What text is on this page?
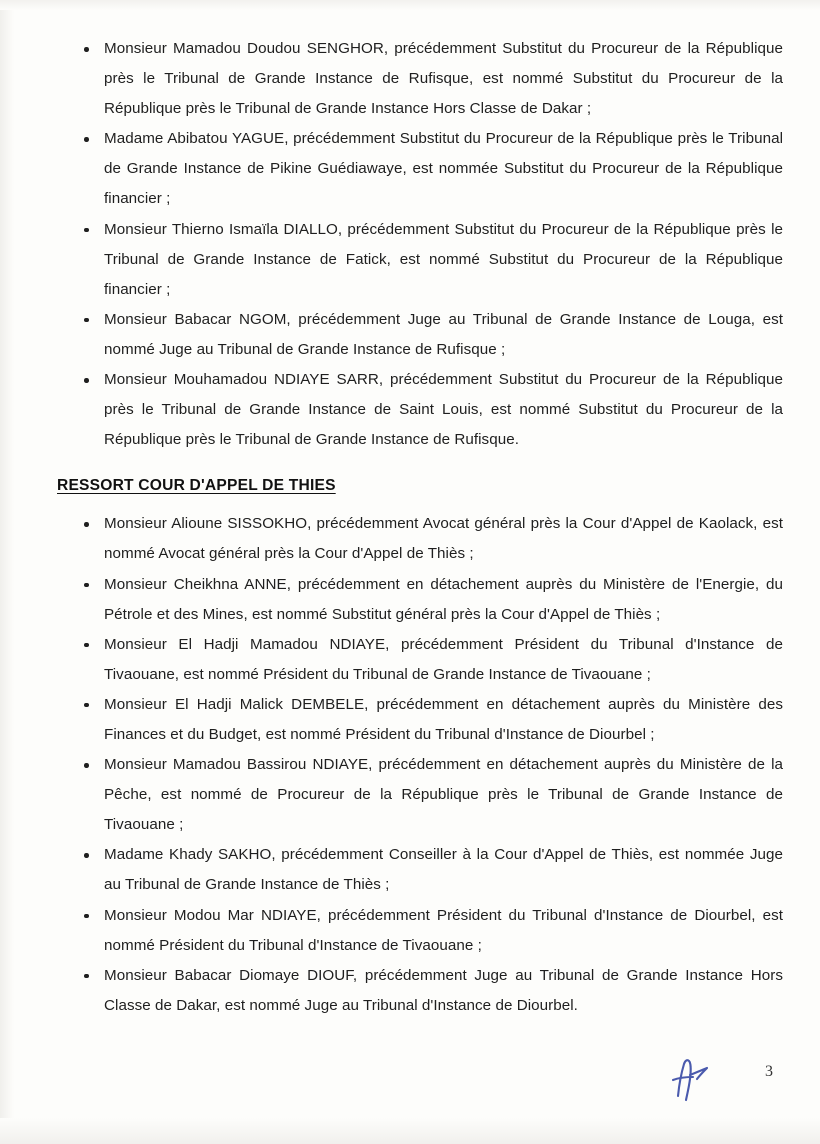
Monsieur Mamadou Doudou SENGHOR, précédemment Substitut du Procureur de la République près le Tribunal de Grande Instance de Rufisque, est nommé Substitut du Procureur de la République près le Tribunal de Grande Instance Hors Classe de Dakar ;
Madame Abibatou YAGUE, précédemment Substitut du Procureur de la République près le Tribunal de Grande Instance de Pikine Guédiawaye, est nommée Substitut du Procureur de la République financier ;
Monsieur Thierno Ismaïla DIALLO, précédemment Substitut du Procureur de la République près le Tribunal de Grande Instance de Fatick, est nommé Substitut du Procureur de la République financier ;
Monsieur Babacar NGOM, précédemment Juge au Tribunal de Grande Instance de Louga, est nommé Juge au Tribunal de Grande Instance de Rufisque ;
Monsieur Mouhamadou NDIAYE SARR, précédemment Substitut du Procureur de la République près le Tribunal de Grande Instance de Saint Louis, est nommé Substitut du Procureur de la République près le Tribunal de Grande Instance de Rufisque.
RESSORT COUR D'APPEL DE THIES
Monsieur Alioune SISSOKHO, précédemment Avocat général près la Cour d'Appel de Kaolack, est nommé Avocat général près la Cour d'Appel de Thiès ;
Monsieur Cheikhna ANNE, précédemment en détachement auprès du Ministère de l'Energie, du Pétrole et des Mines, est nommé Substitut général près la Cour d'Appel de Thiès ;
Monsieur El Hadji Mamadou NDIAYE, précédemment Président du Tribunal d'Instance de Tivaouane, est nommé Président du Tribunal de Grande Instance de Tivaouane ;
Monsieur El Hadji Malick DEMBELE, précédemment en détachement auprès du Ministère des Finances et du Budget, est nommé Président du Tribunal d'Instance de Diourbel ;
Monsieur Mamadou Bassirou NDIAYE, précédemment en détachement auprès du Ministère de la Pêche, est nommé de Procureur de la République près le Tribunal de Grande Instance de Tivaouane ;
Madame Khady SAKHO, précédemment Conseiller à la Cour d'Appel de Thiès, est nommée Juge au Tribunal de Grande Instance de Thiès ;
Monsieur Modou Mar NDIAYE, précédemment Président du Tribunal d'Instance de Diourbel, est nommé Président du Tribunal d'Instance de Tivaouane ;
Monsieur Babacar Diomaye DIOUF, précédemment Juge au Tribunal de Grande Instance Hors Classe de Dakar, est nommé Juge au Tribunal d'Instance de Diourbel.
3
